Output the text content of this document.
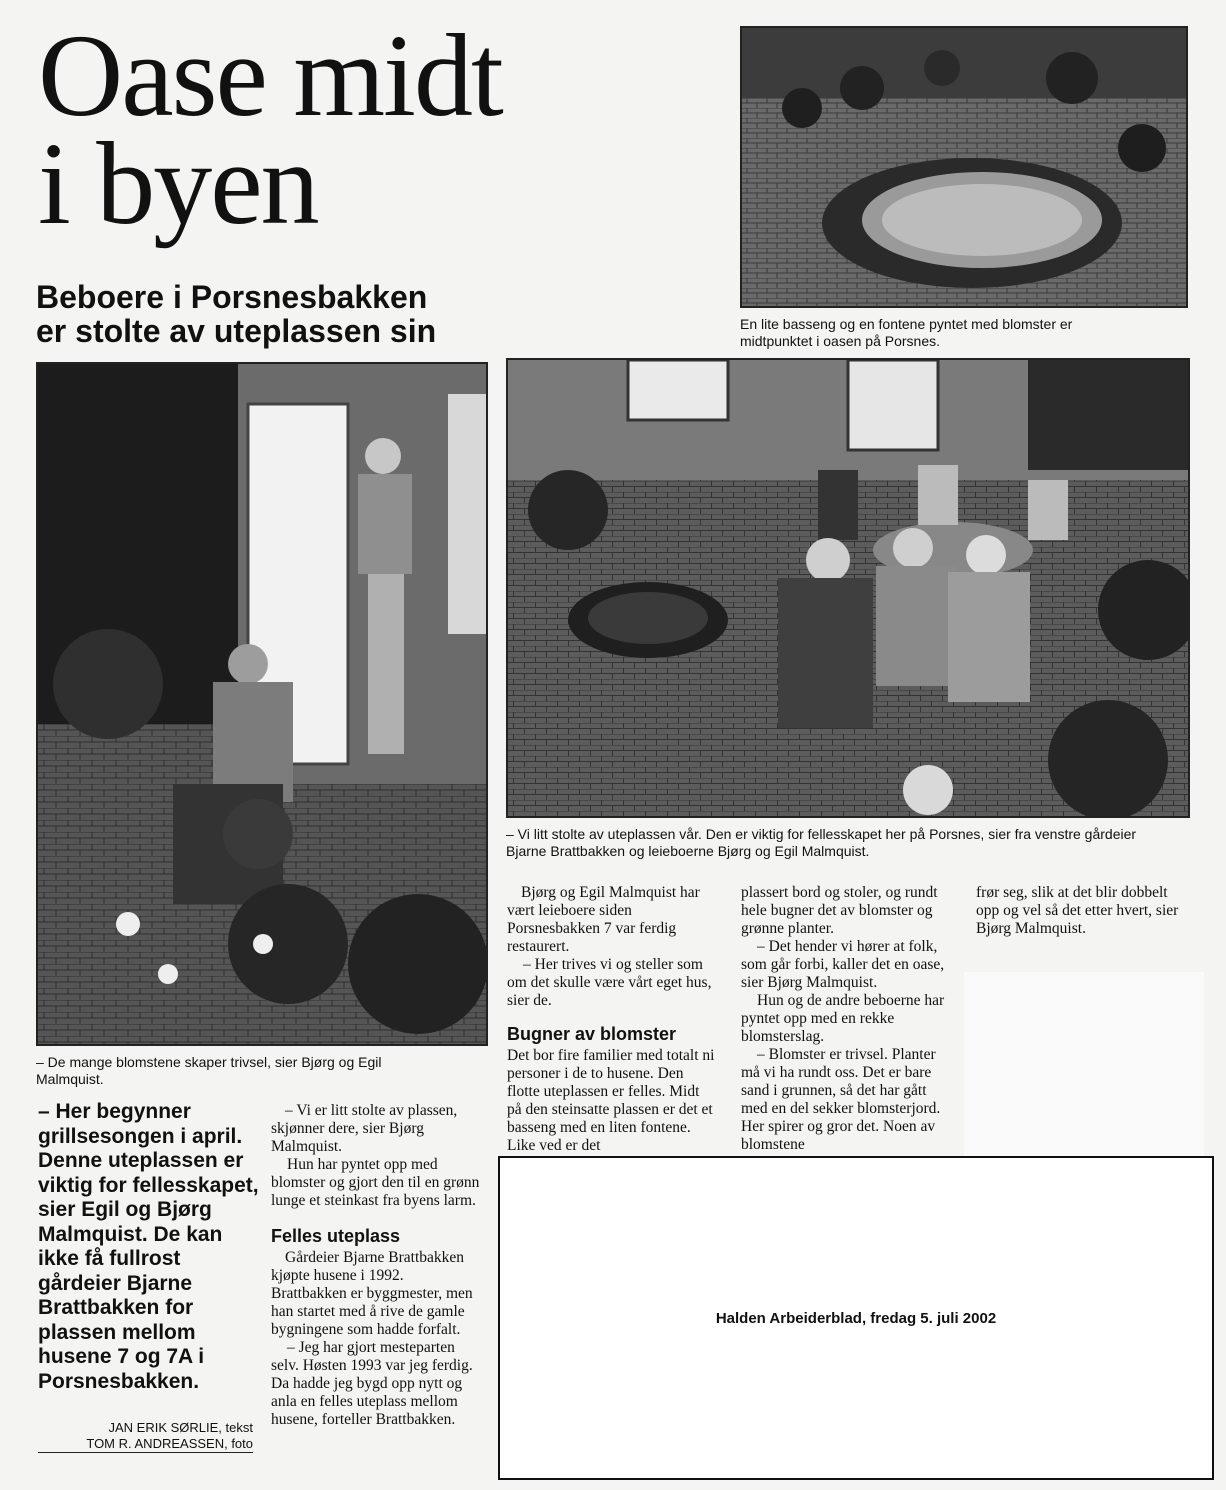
Oase midt
i byen
Beboere i Porsnesbakken
er stolte av uteplassen sin	En lite basseng og en fontene pyntet med blomster er midtpunktet i oasen på Porsnes.
– De mange blomstene skaper trivsel, sier Bjørg og Egil Malmquist.
– Vi litt stolte av uteplassen vår. Den er viktig for fellesskapet her på Porsnes, sier fra venstre gårdeier Bjarne Brattbakken og leieboerne Bjørg og Egil Malmquist.
– Her begynner grillsesongen i april. Denne uteplassen er viktig for fellesskapet, sier Egil og Bjørg Malmquist. De kan ikke få fullrost gårdeier Bjarne Brattbakken for plassen mellom husene 7 og 7A i Porsnesbakken.
JAN ERIK SØRLIE, tekst
TOM R. ANDREASSEN, foto

– Vi er litt stolte av plassen, skjønner dere, sier Bjørg Malmquist.

Hun har pyntet opp med blomster og gjort den til en grønn lunge et steinkast fra byens larm.

Felles uteplass

Gårdeier Bjarne Brattbakken kjøpte husene i 1992. Brattbakken er byggmester, men han startet med å rive de gamle bygningene som hadde forfalt.

– Jeg har gjort mesteparten selv. Høsten 1993 var jeg ferdig. Da hadde jeg bygd opp nytt og anla en felles uteplass mellom husene, forteller Brattbakken.

Bjørg og Egil Malmquist har vært leieboere siden Porsnesbakken 7 var ferdig restaurert.

– Her trives vi og steller som om det skulle være vårt eget hus, sier de.

Bugner av blomster

Det bor fire familier med totalt ni personer i de to husene. Den flotte uteplassen er felles. Midt på den steinsatte plassen er det et basseng med en liten fontene. Like ved er det

plassert bord og stoler, og rundt hele bugner det av blomster og grønne planter.

– Det hender vi hører at folk, som går forbi, kaller det en oase, sier Bjørg Malmquist.

Hun og de andre beboerne har pyntet opp med en rekke blomsterslag.

– Blomster er trivsel. Planter må vi ha rundt oss. Det er bare sand i grunnen, så det har gått med en del sekker blomsterjord. Her spirer og gror det. Noen av blomstene

frør seg, slik at det blir dobbelt opp og vel så det etter hvert, sier Bjørg Malmquist.

Halden Arbeiderblad, fredag 5. juli 2002
